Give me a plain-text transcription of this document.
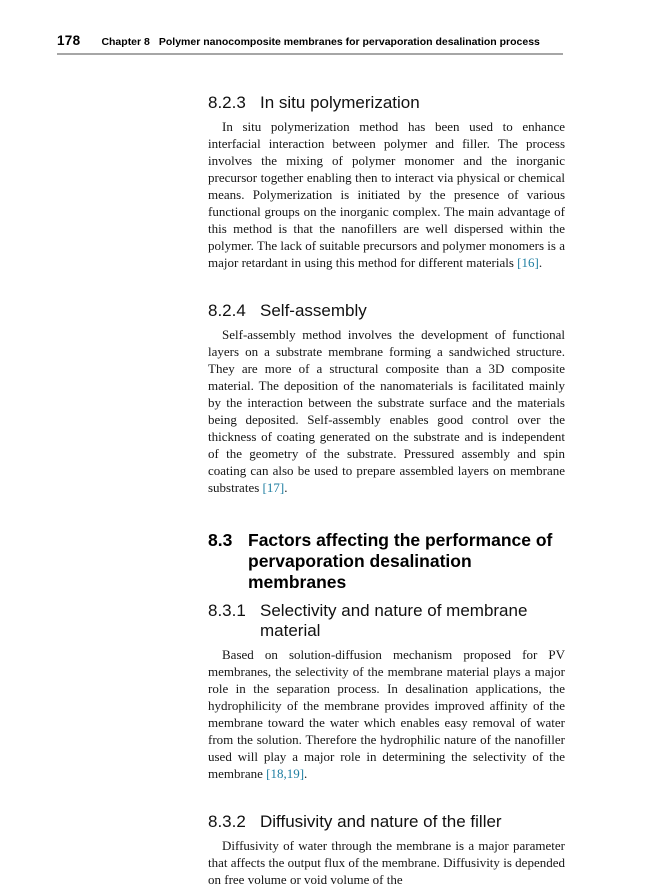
178 Chapter 8 Polymer nanocomposite membranes for pervaporation desalination process
8.2.3 In situ polymerization

In situ polymerization method has been used to enhance interfacial interaction between polymer and filler. The process involves the mixing of polymer monomer and the inorganic precursor together enabling then to interact via physical or chemical means. Polymerization is initiated by the presence of various functional groups on the inorganic complex. The main advantage of this method is that the nanofillers are well dispersed within the polymer. The lack of suitable precursors and polymer monomers is a major retardant in using this method for different materials [16].

8.2.4 Self-assembly

Self-assembly method involves the development of functional layers on a substrate membrane forming a sandwiched structure. They are more of a structural composite than a 3D composite material. The deposition of the nanomaterials is facilitated mainly by the interaction between the substrate surface and the materials being deposited. Self-assembly enables good control over the thickness of coating generated on the substrate and is independent of the geometry of the substrate. Pressured assembly and spin coating can also be used to prepare assembled layers on membrane substrates [17].

8.3 Factors affecting the performance of pervaporation desalination membranes
8.3.1 Selectivity and nature of membrane material

Based on solution-diffusion mechanism proposed for PV membranes, the selectivity of the membrane material plays a major role in the separation process. In desalination applications, the hydrophilicity of the membrane provides improved affinity of the membrane toward the water which enables easy removal of water from the solution. Therefore the hydrophilic nature of the nanofiller used will play a major role in determining the selectivity of the membrane [18,19].

8.3.2 Diffusivity and nature of the filler

Diffusivity of water through the membrane is a major parameter that affects the output flux of the membrane. Diffusivity is depended on free volume or void volume of the
